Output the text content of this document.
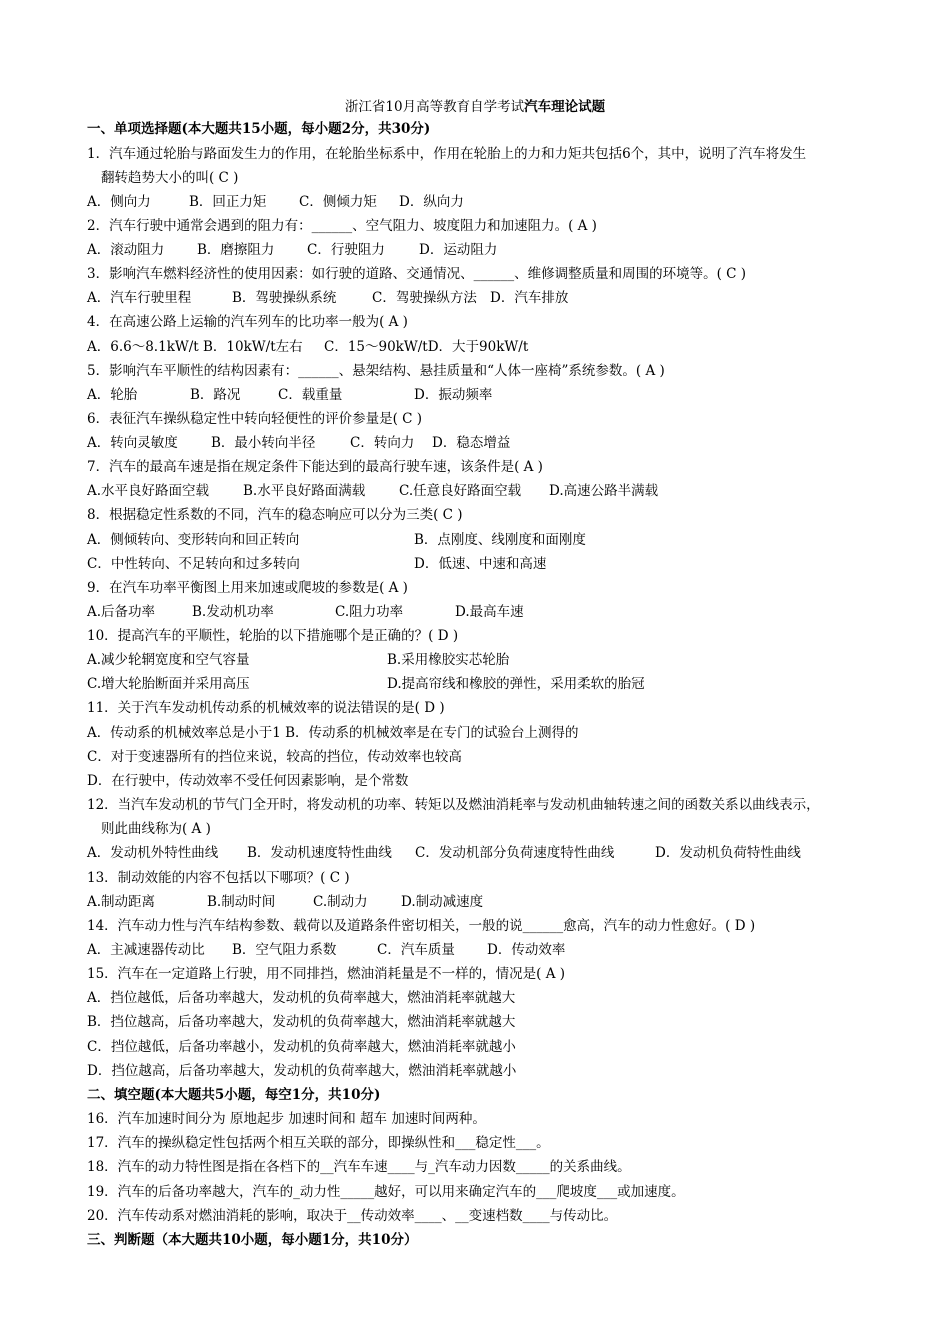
浙江省10月高等教育自学考试汽车理论试题
一、单项选择题(本大题共15小题，每小题2分，共30分)
1．汽车通过轮胎与路面发生力的作用，在轮胎坐标系中，作用在轮胎上的力和力矩共包括6个，其中，说明了汽车将发生
翻转趋势大小的叫( C )
A．侧向力	B．回正力矩 C．侧倾力矩 D．纵向力
2．汽车行驶中通常会遇到的阻力有：______、空气阻力、坡度阻力和加速阻力。( A )
A．滚动阻力 B．磨擦阻力 C．行驶阻力	D．运动阻力
3．影响汽车燃料经济性的使用因素：如行驶的道路、交通情况、______、维修调整质量和周围的环境等。( C )
A．汽车行驶里程	B．驾驶操纵系统	C．驾驶操纵方法 D．汽车排放
4．在高速公路上运输的汽车列车的比功率一般为( A )
A．6.6～8.1kW/t B．10kW/t左右 C．15～90kW/tD．大于90kW/t
5．影响汽车平顺性的结构因素有：______、悬架结构、悬挂质量和“人体一座椅”系统参数。( A )
A．轮胎	B．路况	C．载重量	D．振动频率
6．表征汽车操纵稳定性中转向轻便性的评价参量是( C )
A．转向灵敏度 B．最小转向半径	C．转向力 D．稳态增益
7．汽车的最高车速是指在规定条件下能达到的最高行驶车速，该条件是( A )
A.水平良好路面空载	B.水平良好路面满载	C.任意良好路面空载 D.高速公路半满载
8．根据稳定性系数的不同，汽车的稳态响应可以分为三类( C )
A．侧倾转向、变形转向和回正转向	B．点刚度、线刚度和面刚度
C．中性转向、不足转向和过多转向	D．低速、中速和高速
9．在汽车功率平衡图上用来加速或爬坡的参数是( A )
A.后备功率	B.发动机功率	C.阻力功率	D.最高车速
10．提高汽车的平顺性，轮胎的以下措施哪个是正确的？( D )
A.减少轮辋宽度和空气容量	B.采用橡胶实芯轮胎
C.增大轮胎断面并采用高压	D.提高帘线和橡胶的弹性，采用柔软的胎冠
11．关于汽车发动机传动系的机械效率的说法错误的是( D )
A．传动系的机械效率总是小于1 B．传动系的机械效率是在专门的试验台上测得的
C．对于变速器所有的挡位来说，较高的挡位，传动效率也较高
D．在行驶中，传动效率不受任何因素影响，是个常数
12．当汽车发动机的节气门全开时，将发动机的功率、转矩以及燃油消耗率与发动机曲轴转速之间的函数关系以曲线表示，
则此曲线称为( A )
A．发动机外特性曲线 B．发动机速度特性曲线 C．发动机部分负荷速度特性曲线	D．发动机负荷特性曲线
13．制动效能的内容不包括以下哪项？( C )
A.制动距离	B.制动时间	C.制动力 D.制动减速度
14．汽车动力性与汽车结构参数、载荷以及道路条件密切相关，一般的说______愈高，汽车的动力性愈好。( D )
A．主减速器传动比 B．空气阻力系数	C．汽车质量 D．传动效率
15．汽车在一定道路上行驶，用不同排挡，燃油消耗量是不一样的，情况是( A )
A．挡位越低，后备功率越大，发动机的负荷率越大，燃油消耗率就越大
B．挡位越高，后备功率越大，发动机的负荷率越大，燃油消耗率就越大
C．挡位越低，后备功率越小，发动机的负荷率越大，燃油消耗率就越小
D．挡位越高，后备功率越大，发动机的负荷率越大，燃油消耗率就越小
二、填空题(本大题共5小题，每空1分，共10分)
16．汽车加速时间分为 原地起步 加速时间和 超车 加速时间两种。
17．汽车的操纵稳定性包括两个相互关联的部分，即操纵性和___稳定性___。
18．汽车的动力特性图是指在各档下的__汽车车速____与_汽车动力因数_____的关系曲线。
19．汽车的后备功率越大，汽车的_动力性_____越好，可以用来确定汽车的___爬坡度___或加速度。
20．汽车传动系对燃油消耗的影响，取决于__传动效率____、__变速档数____与传动比。
三、判断题（本大题共10小题，每小题1分，共10分）
